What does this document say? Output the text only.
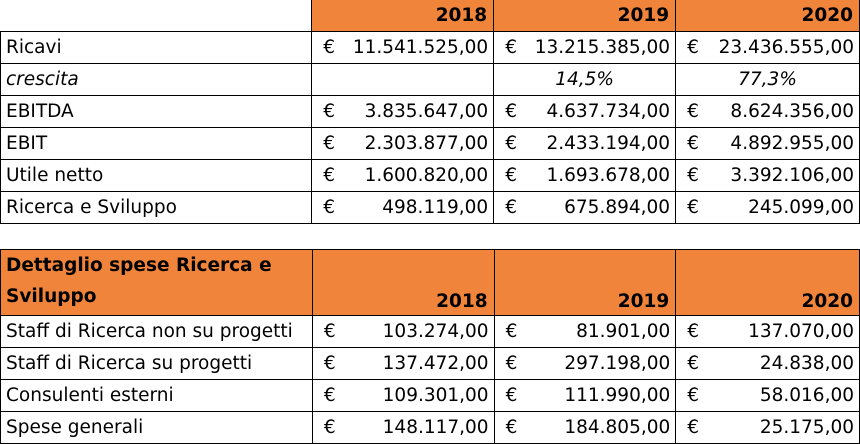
	2018	2019	2020
Ricavi	€ 11.541.525,00	€ 13.215.385,00	€ 23.436.555,00

crescita		14,5%	77,3%
EBITDA	€ 3.835.647,00	€ 4.637.734,00	€ 8.624.356,00

EBIT	€ 2.303.877,00	€ 2.433.194,00	€ 4.892.955,00

Utile netto	€ 1.600.820,00	€ 1.693.678,00	€ 3.392.106,00

Ricerca e Sviluppo	€ 498.119,00	€ 675.894,00	€ 245.099,00
Dettaglio spese Ricerca e Sviluppo	2018	2019	2020
Staff di Ricerca non su progetti	€ 103.274,00	€ 81.901,00	€ 137.070,00

Staff di Ricerca su progetti	€ 137.472,00	€ 297.198,00	€ 24.838,00

Consulenti esterni	€ 109.301,00	€ 111.990,00	€ 58.016,00

Spese generali	€ 148.117,00	€ 184.805,00	€ 25.175,00
